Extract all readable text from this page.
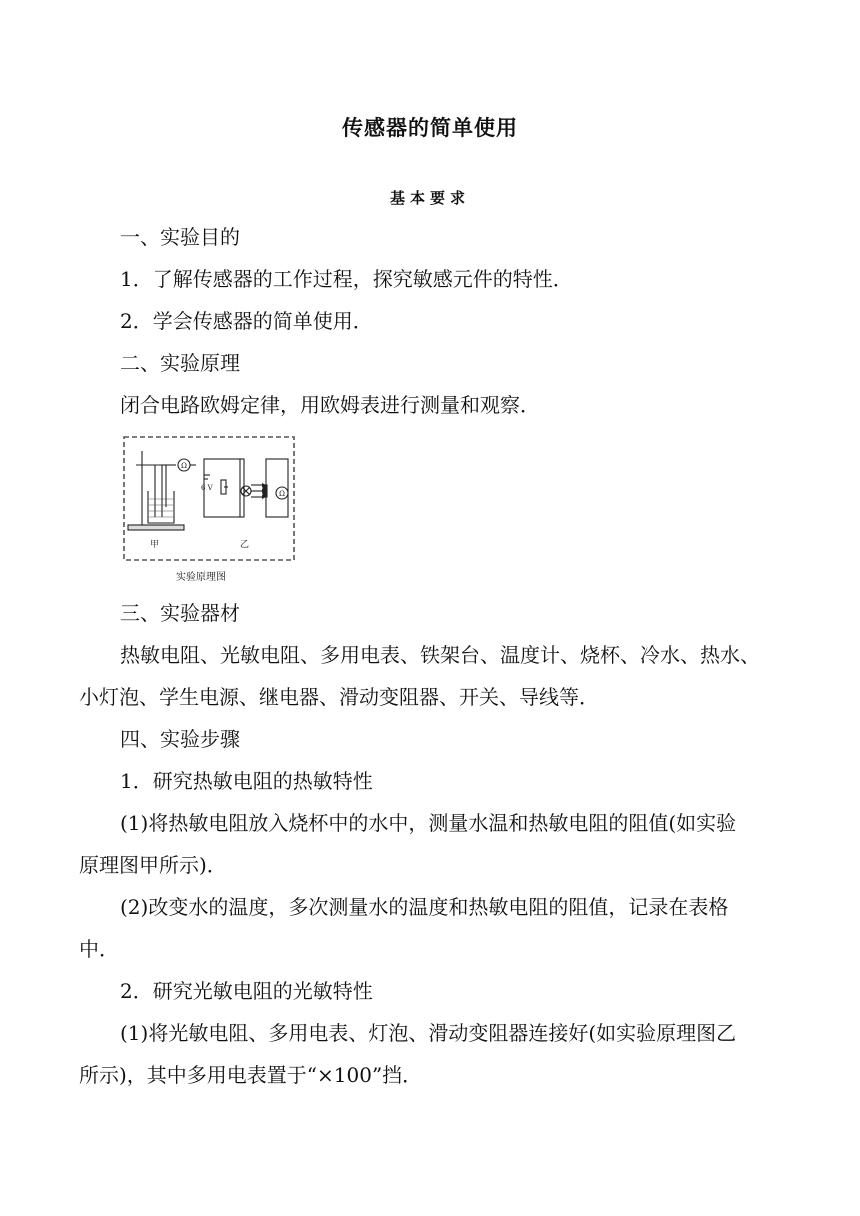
传感器的简单使用
基本要求
一、实验目的
1．了解传感器的工作过程，探究敏感元件的特性．
2．学会传感器的简单使用．
二、实验原理
闭合电路欧姆定律，用欧姆表进行测量和观察．
Ω
Ω
6 V
甲	乙
实验原理图
三、实验器材
热敏电阻、光敏电阻、多用电表、铁架台、温度计、烧杯、冷水、热水、
小灯泡、学生电源、继电器、滑动变阻器、开关、导线等．
四、实验步骤
1．研究热敏电阻的热敏特性
(1)将热敏电阻放入烧杯中的水中，测量水温和热敏电阻的阻值(如实验
原理图甲所示)．
(2)改变水的温度，多次测量水的温度和热敏电阻的阻值，记录在表格
中．
2．研究光敏电阻的光敏特性
(1)将光敏电阻、多用电表、灯泡、滑动变阻器连接好(如实验原理图乙
所示)，其中多用电表置于“×100”挡．
